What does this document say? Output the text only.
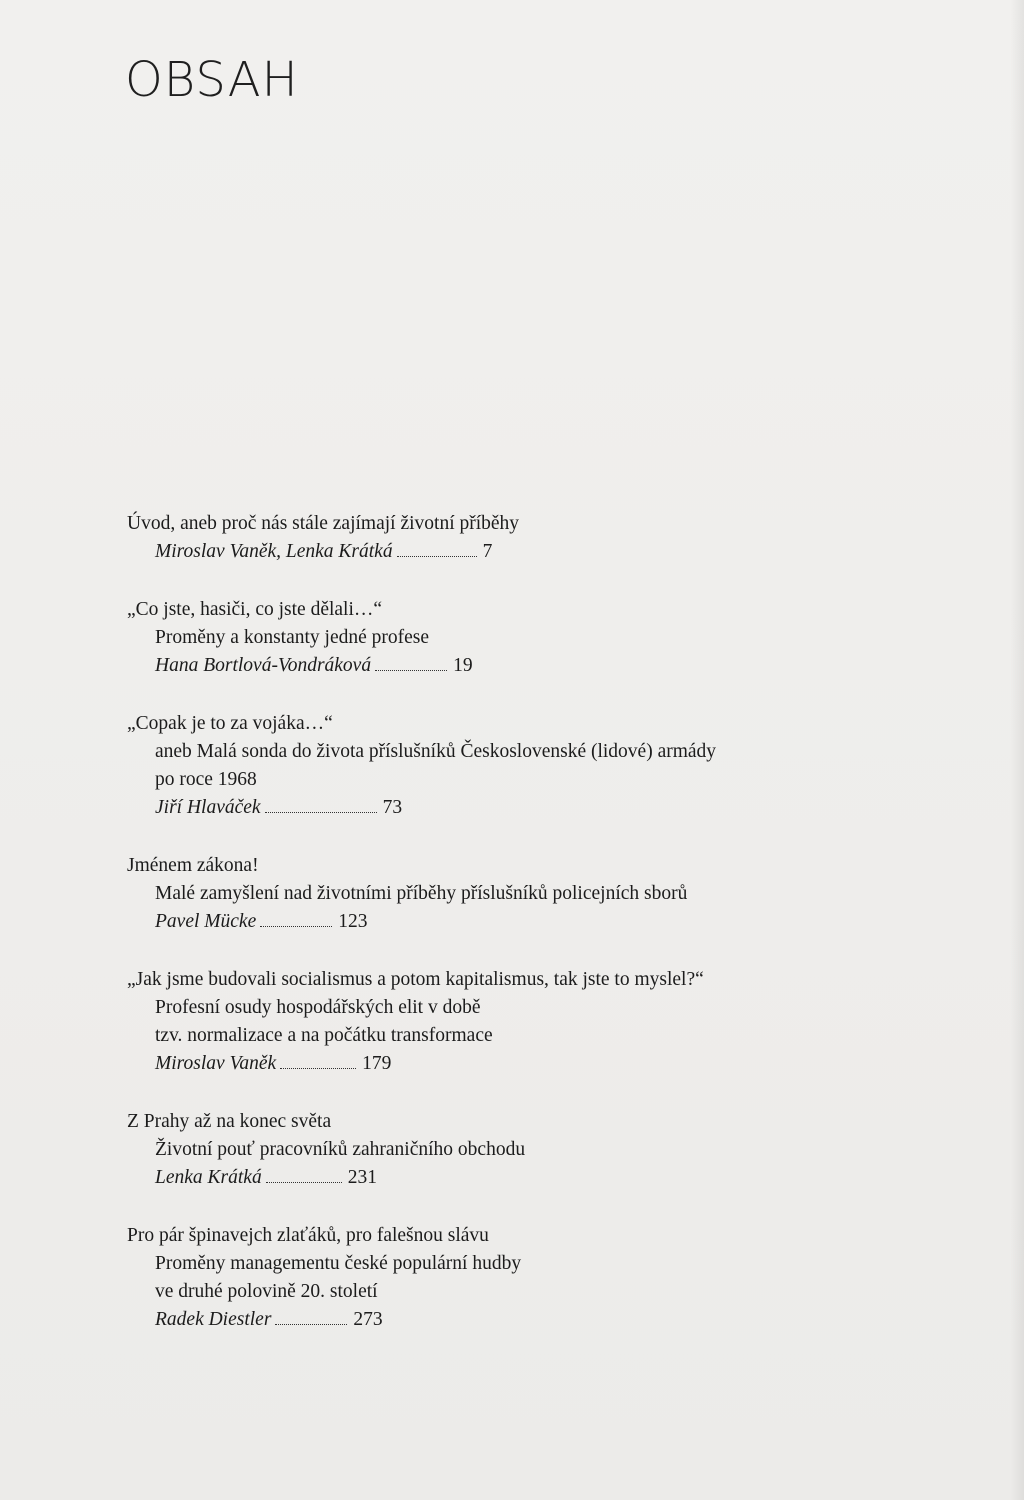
OBSAH
Úvod, aneb proč nás stále zajímají životní příběhy
Miroslav Vaněk, Lenka Krátká	7
„Co jste, hasiči, co jste dělali…“
Proměny a konstanty jedné profese
Hana Bortlová-Vondráková	19
„Copak je to za vojáka…“
aneb Malá sonda do života příslušníků Československé (lidové) armády
po roce 1968
Jiří Hlaváček	73
Jménem zákona!
Malé zamyšlení nad životními příběhy příslušníků policejních sborů
Pavel Mücke	123
„Jak jsme budovali socialismus a potom kapitalismus, tak jste to myslel?“
Profesní osudy hospodářských elit v době
tzv. normalizace a na počátku transformace
Miroslav Vaněk	179
Z Prahy až na konec světa
Životní pouť pracovníků zahraničního obchodu
Lenka Krátká	231
Pro pár špinavejch zlaťáků, pro falešnou slávu
Proměny managementu české populární hudby
ve druhé polovině 20. století
Radek Diestler	273
